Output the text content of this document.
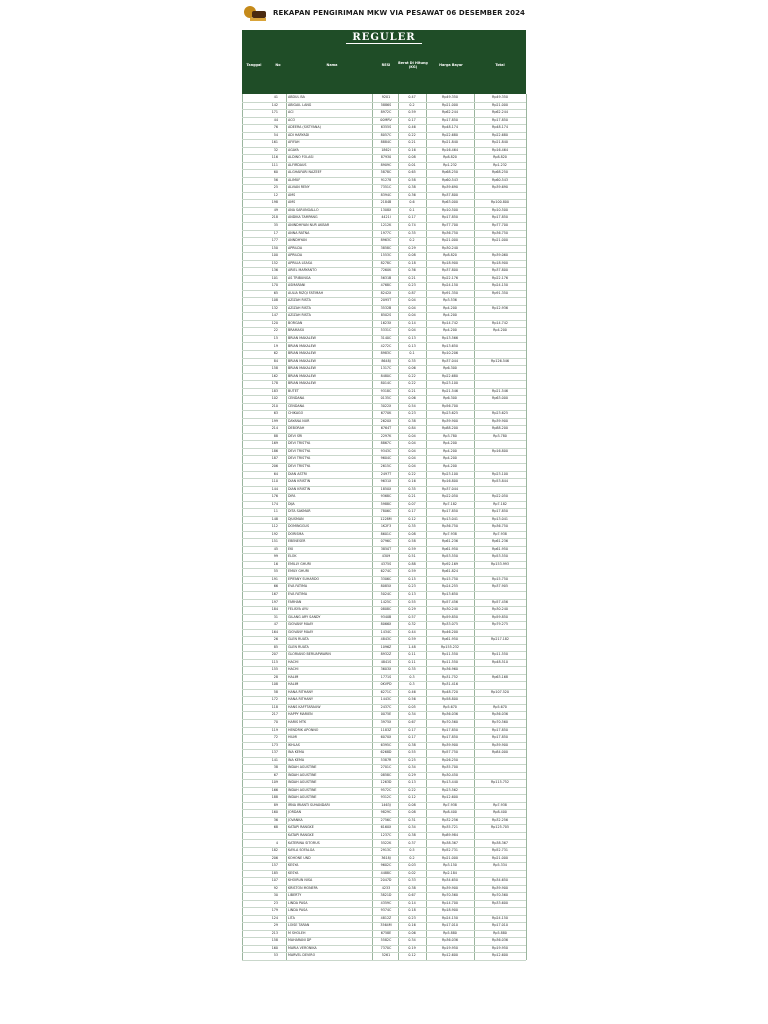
REKAPAN PENGIRIMAN MKW VIA PESAWAT 06 DESEMBER 2024
REGULER
Tanggal	No	Nama	RESI	Berat Di Hitung (KG)	Harga Bayar	Total
41	ABDUL BA	9201	0.47	Rp49.350	Rp49.350
142	ABIGAIL LANG	5886S	0.2	Rp21.000	Rp21.000
171	ACI	8972C	0.59	Rp62.244	Rp62.244
44	ACO	00MRV	0.17	Rp17.850	Rp17.850
76	ADEERA (SISTYANA)	6355S	0.46	Rp48.174	Rp48.174
54	ADI HARYADI	8057C	0.22	Rp22.680	Rp22.680
161	AFIFAH	8884C	0.21	Rp21.840	Rp21.840
32	AGAYA	1862I	0.16	Rp16.464	Rp16.464
116	ALDINO FOLASI	87930	0.08	Rp8.820	Rp8.820
111	ALFIRDAUS	8909C	0.01	Rp1.232	Rp1.232
60	ALGHAIFARI NAZEEF	5878C	0.65	Rp68.250	Rp68.250
56	ALIMUF	91278	0.58	Rp60.543	Rp60.543
25	ALVIAN RENY	7351C	0.38	Rp39.690	Rp39.690
12	AMS	8394C	0.36	Rp37.800
198	AMS	2184B	0.6	Rp63.000	Rp100.800
49	ANA SARUNGALLO	1308X	0.1	Rp10.500	Rp10.500
218	ANDIKA TAMPANG	4421I	0.17	Rp17.850	Rp17.850
35	ANINDHIYAN NUR AKBAR	1212K	0.74	Rp77.700	Rp77.700
17	ANNA RATNA	1977C	0.35	Rp36.750	Rp36.750
177	ANNDHYAN	8963C	0.2	Rp21.000	Rp21.000
150	APRILDA	3858C	0.29	Rp30.240
100	APRILDA	1553C	0.08	Rp8.820	Rp39.060
152	APRILIA LEASA	8278C	0.18	Rp18.900	Rp18.900
136	ARIEL MARYANTO	7260K	0.36	Rp37.800	Rp37.800
101	AS TRIBUNGA	5631B	0.21	Rp22.176	Rp22.176
170	ASMARANI	4768C	0.23	Rp24.150	Rp24.150
65	AULIA RIZQI FATIMAH	8242X	0.87	Rp91.350	Rp91.350
108	AZIZAH RISTA	2095T	0.04	Rp3.536
132	AZIZAH RISTA	3532B	0.04	Rp4.200	Rp12.936
147	AZIZAH RISTA	8502S	0.04	Rp4.200
120	BORGAN	1623X	0.14	Rp14.742	Rp14.742
22	BRAMASU	5331C	0.04	Rp4.200	Rp4.200
15	BRIAN MAKALEW	3140C	0.13	Rp13.566
19	BRIAN MAKALEW	4272C	0.13	Rp13.650
62	BRIAN MAKALEW	8983C	0.1	Rp10.206
84	BRIAN MAKALEW	8648J	0.35	Rp37.044	Rp126.546
158	BRIAN MAKALEW	1317C	0.06	Rp6.300
162	BRIAN MAKALEW	8480C	0.22	Rp22.680
178	BRIAN MAKALEW	8014C	0.22	Rp23.100
183	BUTET	9318C	0.21	Rp21.546	Rp21.546
102	CENDANA	0135C	0.06	Rp6.300	Rp63.000
210	CENDANA	3022X	0.54	Rp56.700
63	CHIKAGO	6770K	0.23	Rp23.625	Rp23.625
199	DAYANA NUR	2620X	0.38	Rp39.900	Rp39.900
214	DEBORAH	6764T	0.84	Rp88.200	Rp88.200
88	DEVI SRI	2297K	0.04	Rp3.780	Rp3.780
169	DEVI TRISTYA	8867C	0.04	Rp4.200
186	DEVI TRISTYA	9343C	0.04	Rp4.200	Rp16.800
187	DEVI TRISTYA	9604C	0.04	Rp4.200
206	DEVI TRISTYA	2615C	0.04	Rp4.200
64	DIAN ASTRI	2497T	0.22	Rp23.100	Rp23.100
110	DIAN KRISTIN	9631X	0.16	Rp16.800	Rp53.844
144	DIAN KRISTIN	1850X	0.35	Rp37.044
176	DIFA	9368C	0.21	Rp22.050	Rp22.050
174	DIJA	5988C	0.07	Rp7.182	Rp7.182
11	DITA SAKMAR	7806C	0.17	Rp17.850	Rp17.850
148	DJUSMAN	1228M	0.12	Rp13.041	Rp13.041
112	DOMINGGUS	1K2F3	0.35	Rp36.750	Rp36.750
192	DORISMA	8601C	0.08	Rp7.938	Rp7.938
151	EBENESER	0796C	0.58	Rp61.236	Rp61.236
45	EKI	3850T	0.59	Rp61.950	Rp61.950
99	ELOK	4309	0.51	Rp53.550	Rp53.550
16	EMILLY GHURI	4375S	0.88	Rp92.169	Rp153.993
55	EMILY GHURI	6274C	0.59	Rp61.824
191	EPIFANY SUHARDO	3306C	0.15	Rp15.750	Rp15.750
66	EVA FATIMA	8085X	0.23	Rp24.255	Rp37.905
167	EVA FATIMA	5024C	0.13	Rp13.650
197	FARHAN	1425C	0.55	Rp57.456	Rp57.456
184	FELISYA AYU	0808C	0.29	Rp30.240	Rp30.240
31	GILANG ARY SANDY	9340B	0.57	Rp59.850	Rp59.850
47	GIOVANY MAAY	8066X	0.32	Rp33.075	Rp79.275
164	GIOVANY MAAY	1434C	0.44	Rp46.200
26	GLEN RUATA	4843C	0.59	Rp61.950	Rp217.182
85	GLEN RUATA	1096Z	1.48	Rp155.232
207	GLORIANO BERUAPWARIN	8932Z	0.11	Rp11.550	Rp11.550
115	HACHI	4841S	0.11	Rp11.550	Rp48.510
155	HACHI	3603X	0.35	Rp36.960
28	HALIM	1771S	0.3	Rp31.752	Rp63.168
108	HALIM	0KVPD	0.3	Rp31.416
58	HANA RITHANY	6271C	0.46	Rp48.720	Rp107.520
172	HANA RITHANY	1443C	0.56	Rp58.800
118	HANS KAFFTARAUW	2437C	0.05	Rp5.670	Rp5.670
217	HAPPY MARIEN	0075E	0.34	Rp36.036	Rp36.036
70	HARIS MTK	3975X	0.67	Rp70.560	Rp70.560
119	HENDRIK APONNO	1183Z	0.17	Rp17.850	Rp17.850
72	HILMI	6070X	0.17	Rp17.850	Rp17.850
173	IKHLAS	6395C	0.38	Rp39.900	Rp39.900
137	INA KEMA	6268D	0.55	Rp57.750	Rp84.000
141	INA KEMA	5387R	0.25	Rp26.250
38	INDAH AGUSTINE	2701C	0.34	Rp35.700
67	INDAH AGUSTINE	0858C	0.29	Rp30.450
109	INDAH AGUSTINE	1263D	0.13	Rp13.440	Rp115.752
166	INDAH AGUSTINE	9572C	0.22	Rp23.562
188	INDAH AGUSTINE	9312C	0.12	Rp12.600
89	IRNA IRIANTI SUHANDARI	1463J	0.08	Rp7.938	Rp7.938
160	JORDAN	9829C	0.08	Rp8.400	Rp8.400
36	JOVANKA	2756C	0.31	Rp32.256	Rp32.256
68	KATAPI RANGKE	6160X	0.34	Rp35.721	Rp125.705
KATAPI RANGKE	1237C	0.38	Rp89.984
4	KATERINA SITORUS	5522K	0.37	Rp38.367	Rp38.367
182	KAYLA SOFALGA	2913C	0.5	Rp52.731	Rp52.731
206	KOHONE UND	3618J	0.2	Rp21.000	Rp21.000
157	KESYA	9602C	0.03	Rp3.150	Rp5.334
185	KESYA	4488C	0.02	Rp2.184
107	KHOIRUN NISA	2047D	0.33	Rp34.650	Rp34.650
92	KRISTON MONEPA	4233	0.38	Rp39.900	Rp39.900
30	LIBERTY	3821D	0.67	Rp70.560	Rp70.560
23	LINDA PASA	4359C	0.14	Rp14.700	Rp33.600
179	LINDA PASA	9374C	0.18	Rp18.900
124	LITA	4812Z	0.23	Rp24.150	Rp24.150
29	LOISE TARAN	3564M	0.16	Rp17.010	Rp17.010
213	M SHOLEH	6758E	0.06	Rp5.880	Rp5.880
158	MAHARANI DP	5582C	0.34	Rp36.036	Rp36.036
160	MARIA VERONIKA	7370C	0.19	Rp19.950	Rp19.950
53	MARVEL DEVIRO	5261	0.12	Rp12.600	Rp12.600
